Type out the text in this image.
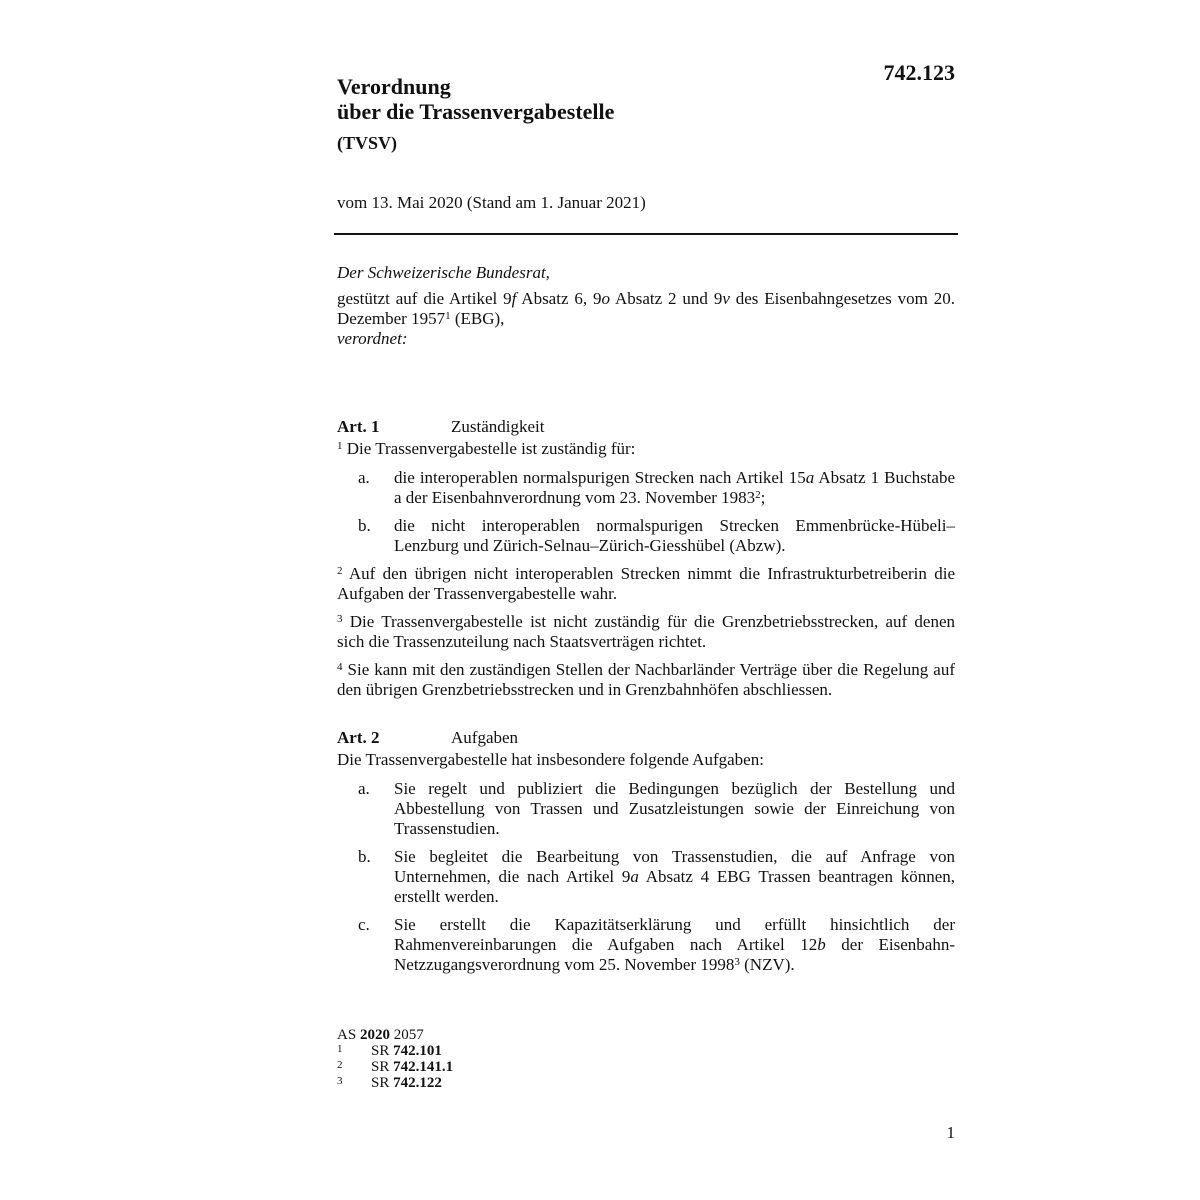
742.123
Verordnung
über die Trassenvergabestelle
(TVSV)
vom 13. Mai 2020 (Stand am 1. Januar 2021)

Der Schweizerische Bundesrat,

gestützt auf die Artikel 9f Absatz 6, 9o Absatz 2 und 9v des Eisenbahngesetzes vom 20. Dezember 1957$^1$ (EBG),

verordnet:

Art. 1	Zuständigkeit

$^1$ Die Trassenvergabestelle ist zuständig für:

a.	die interoperablen normalspurigen Strecken nach Artikel 15a Absatz 1 Buchstabe a der Eisenbahnverordnung vom 23. November 1983$^2$;
b.	die nicht interoperablen normalspurigen Strecken Emmenbrücke-Hübeli–Lenzburg und Zürich-Selnau–Zürich-Giesshübel (Abzw).

$^2$ Auf den übrigen nicht interoperablen Strecken nimmt die Infrastrukturbetreiberin die Aufgaben der Trassenvergabestelle wahr.

$^3$ Die Trassenvergabestelle ist nicht zuständig für die Grenzbetriebsstrecken, auf denen sich die Trassenzuteilung nach Staatsverträgen richtet.

$^4$ Sie kann mit den zuständigen Stellen der Nachbarländer Verträge über die Regelung auf den übrigen Grenzbetriebsstrecken und in Grenzbahnhöfen abschliessen.

Art. 2	Aufgaben

Die Trassenvergabestelle hat insbesondere folgende Aufgaben:

a.	Sie regelt und publiziert die Bedingungen bezüglich der Bestellung und Abbestellung von Trassen und Zusatzleistungen sowie der Einreichung von Trassenstudien.
b.	Sie begleitet die Bearbeitung von Trassenstudien, die auf Anfrage von Unternehmen, die nach Artikel 9a Absatz 4 EBG Trassen beantragen können, erstellt werden.
c.	Sie erstellt die Kapazitätserklärung und erfüllt hinsichtlich der Rahmenvereinbarungen die Aufgaben nach Artikel 12b der Eisenbahn-Netzzugangsverordnung vom 25. November 1998$^3$ (NZV).
AS 2020 2057
1	SR 742.101
2	SR 742.141.1
3	SR 742.122
1
